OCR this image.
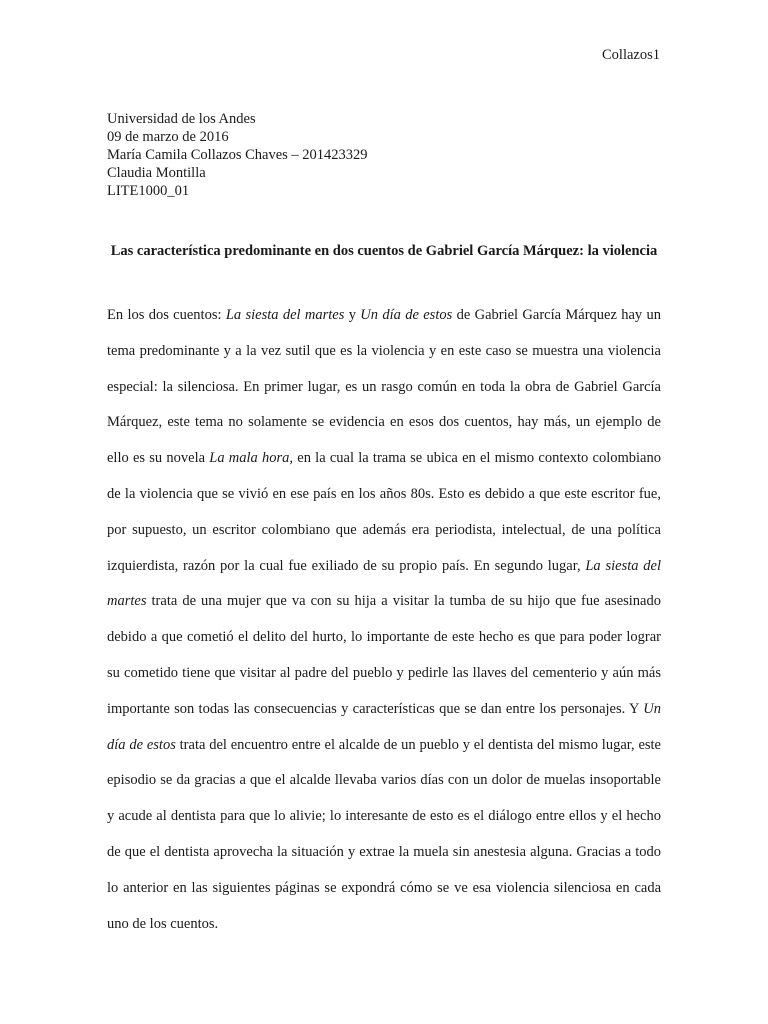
Collazos1
Universidad de los Andes
09 de marzo de 2016
María Camila Collazos Chaves – 201423329
Claudia Montilla
LITE1000_01

Las característica predominante en dos cuentos de Gabriel García Márquez: la violencia

En los dos cuentos: La siesta del martes y Un día de estos de Gabriel García Márquez hay un tema predominante y a la vez sutil que es la violencia y en este caso se muestra una violencia especial: la silenciosa. En primer lugar, es un rasgo común en toda la obra de Gabriel García Márquez, este tema no solamente se evidencia en esos dos cuentos, hay más, un ejemplo de ello es su novela La mala hora, en la cual la trama se ubica en el mismo contexto colombiano de la violencia que se vivió en ese país en los años 80s. Esto es debido a que este escritor fue, por supuesto, un escritor colombiano que además era periodista, intelectual, de una política izquierdista, razón por la cual fue exiliado de su propio país. En segundo lugar, La siesta del martes trata de una mujer que va con su hija a visitar la tumba de su hijo que fue asesinado debido a que cometió el delito del hurto, lo importante de este hecho es que para poder lograr su cometido tiene que visitar al padre del pueblo y pedirle las llaves del cementerio y aún más importante son todas las consecuencias y características que se dan entre los personajes. Y Un día de estos trata del encuentro entre el alcalde de un pueblo y el dentista del mismo lugar, este episodio se da gracias a que el alcalde llevaba varios días con un dolor de muelas insoportable y acude al dentista para que lo alivie; lo interesante de esto es el diálogo entre ellos y el hecho de que el dentista aprovecha la situación y extrae la muela sin anestesia alguna. Gracias a todo lo anterior en las siguientes páginas se expondrá cómo se ve esa violencia silenciosa en cada uno de los cuentos.
